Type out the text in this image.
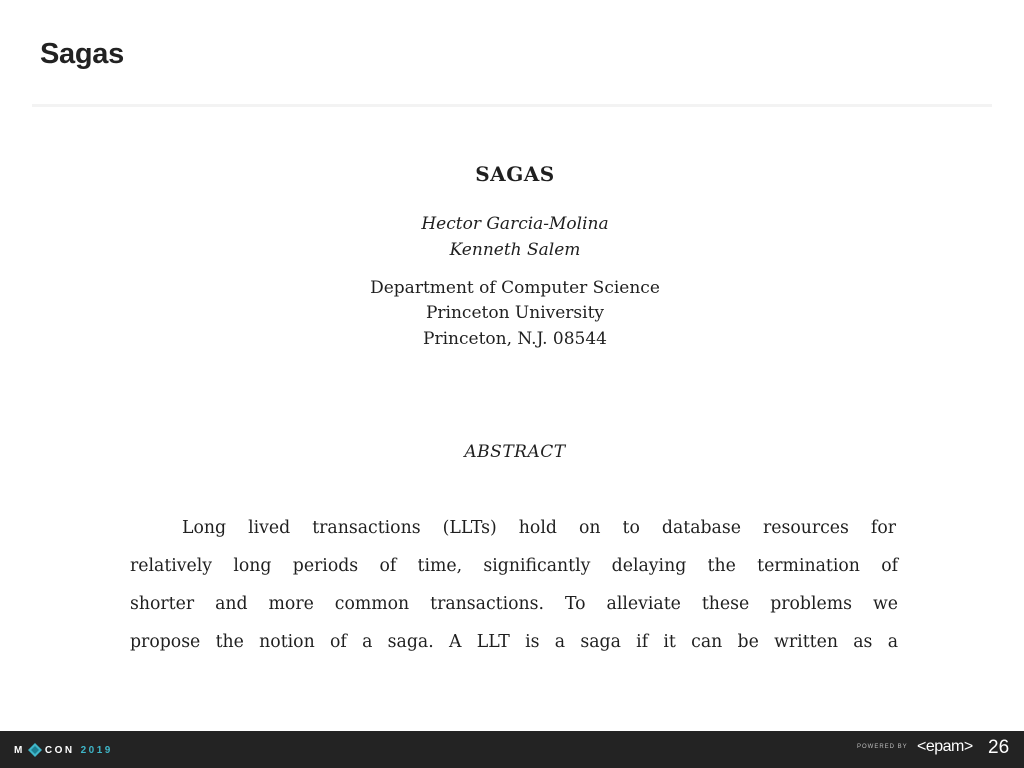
Sagas
SAGAS
Hector Garcia-Molina
Kenneth Salem
Department of Computer Science
Princeton University
Princeton, N.J. 08544
ABSTRACT
Long lived transactions (LLTs) hold on to database resources for
relatively long periods of time, significantly delaying the termination of
shorter and more common transactions. To alleviate these problems we
propose the notion of a saga. A LLT is a saga if it can be written as a
M CON 2019	POWERED BY <epam> 26
